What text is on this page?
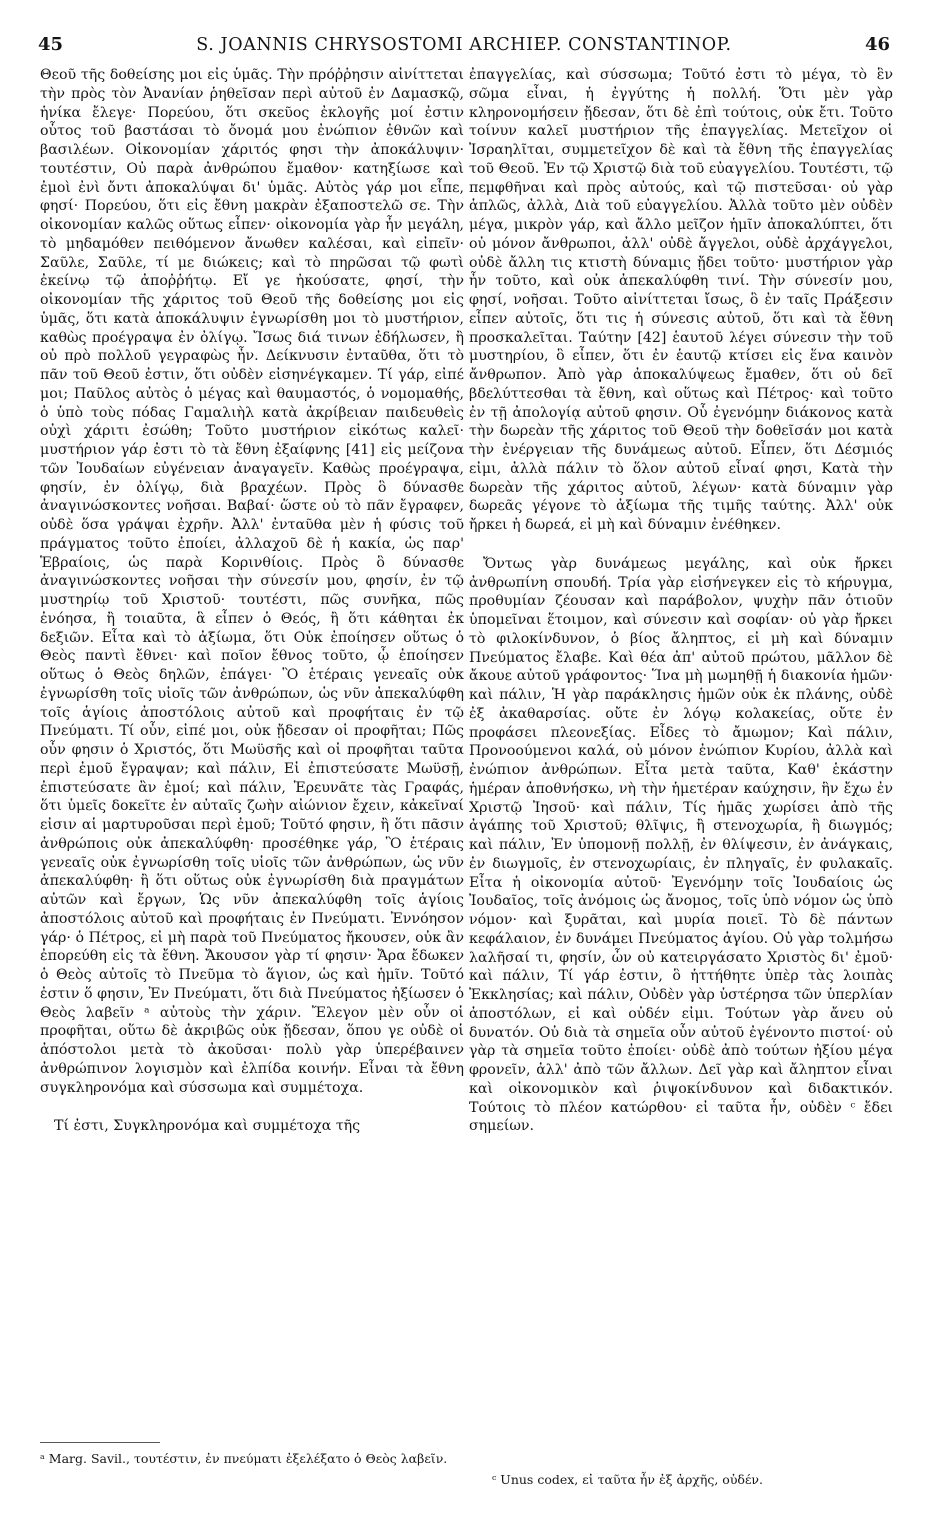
45	S. JOANNIS CHRYSOSTOMI ARCHIEP. CONSTANTINOP.	46

Θεοῦ τῆς δοθείσης μοι εἰς ὑμᾶς. Τὴν πρόῤῥησιν αἰνίττεται τὴν πρὸς τὸν Ἀνανίαν ῥηθεῖσαν περὶ αὐτοῦ ἐν Δαμασκῷ, ἡνίκα ἔλεγε· Πορεύου, ὅτι σκεῦος ἐκλογῆς μοί ἐστιν οὗτος τοῦ βαστάσαι τὸ ὄνομά μου ἐνώπιον ἐθνῶν καὶ βασιλέων. Οἰκονομίαν χάριτός φησι τὴν ἀποκάλυψιν· τουτέστιν, Οὐ παρὰ ἀνθρώπου ἔμαθον· κατηξίωσε καὶ ἐμοὶ ἐνὶ ὄντι ἀποκαλύψαι δι' ὑμᾶς. Αὐτὸς γάρ μοι εἶπε, φησί· Πορεύου, ὅτι εἰς ἔθνη μακρὰν ἐξαποστελῶ σε. Τὴν οἰκονομίαν καλῶς οὕτως εἶπεν· οἰκονομία γὰρ ἦν μεγάλη, τὸ μηδαμόθεν πειθόμενον ἄνωθεν καλέσαι, καὶ εἰπεῖν· Σαῦλε, Σαῦλε, τί με διώκεις; καὶ τὸ πηρῶσαι τῷ φωτὶ ἐκείνῳ τῷ ἀποῤῥήτῳ. Εἴ γε ἠκούσατε, φησί, τὴν οἰκονομίαν τῆς χάριτος τοῦ Θεοῦ τῆς δοθείσης μοι εἰς ὑμᾶς, ὅτι κατὰ ἀποκάλυψιν ἐγνωρίσθη μοι τὸ μυστήριον, καθὼς προέγραψα ἐν ὀλίγῳ. Ἴσως διά τινων ἐδήλωσεν, ἢ οὐ πρὸ πολλοῦ γεγραφὼς ἦν. Δείκνυσιν ἐνταῦθα, ὅτι τὸ πᾶν τοῦ Θεοῦ ἐστιν, ὅτι οὐδὲν εἰσηνέγκαμεν. Τί γάρ, εἰπέ μοι; Παῦλος αὐτὸς ὁ μέγας καὶ θαυμαστός, ὁ νομομαθής, ὁ ὑπὸ τοὺς πόδας Γαμαλιὴλ κατὰ ἀκρίβειαν παιδευθεὶς οὐχὶ χάριτι ἐσώθη; Τοῦτο μυστήριον εἰκότως καλεῖ· μυστήριον γάρ ἐστι τὸ τὰ ἔθνη ἐξαίφνης [41] εἰς μείζονα τῶν Ἰουδαίων εὐγένειαν ἀναγαγεῖν. Καθὼς προέγραψα, φησίν, ἐν ὀλίγῳ, διὰ βραχέων. Πρὸς ὃ δύνασθε ἀναγινώσκοντες νοῆσαι. Βαβαί· ὥστε οὐ τὸ πᾶν ἔγραφεν, οὐδὲ ὅσα γράψαι ἐχρῆν. Ἀλλ' ἐνταῦθα μὲν ἡ φύσις τοῦ πράγματος τοῦτο ἐποίει, ἀλλαχοῦ δὲ ἡ κακία, ὡς παρ' Ἑβραίοις, ὡς παρὰ Κορινθίοις. Πρὸς ὃ δύνασθε ἀναγινώσκοντες νοῆσαι τὴν σύνεσίν μου, φησίν, ἐν τῷ μυστηρίῳ τοῦ Χριστοῦ· τουτέστι, πῶς συνῆκα, πῶς ἐνόησα, ἢ τοιαῦτα, ἃ εἶπεν ὁ Θεός, ἢ ὅτι κάθηται ἐκ δεξιῶν. Εἶτα καὶ τὸ ἀξίωμα, ὅτι Οὐκ ἐποίησεν οὕτως ὁ Θεὸς παντὶ ἔθνει· καὶ ποῖον ἔθνος τοῦτο, ᾧ ἐποίησεν οὕτως ὁ Θεὸς δηλῶν, ἐπάγει· Ὃ ἑτέραις γενεαῖς οὐκ ἐγνωρίσθη τοῖς υἱοῖς τῶν ἀνθρώπων, ὡς νῦν ἀπεκαλύφθη τοῖς ἁγίοις ἀποστόλοις αὐτοῦ καὶ προφήταις ἐν τῷ Πνεύματι. Τί οὖν, εἰπέ μοι, οὐκ ᾔδεσαν οἱ προφῆται; Πῶς οὖν φησιν ὁ Χριστός, ὅτι Μωϋσῆς καὶ οἱ προφῆται ταῦτα περὶ ἐμοῦ ἔγραψαν; καὶ πάλιν, Εἰ ἐπιστεύσατε Μωϋσῇ, ἐπιστεύσατε ἂν ἐμοί; καὶ πάλιν, Ἐρευνᾶτε τὰς Γραφάς, ὅτι ὑμεῖς δοκεῖτε ἐν αὐταῖς ζωὴν αἰώνιον ἔχειν, κἀκεῖναί εἰσιν αἱ μαρτυροῦσαι περὶ ἐμοῦ; Τοῦτό φησιν, ἢ ὅτι πᾶσιν ἀνθρώποις οὐκ ἀπεκαλύφθη· προσέθηκε γάρ, Ὃ ἑτέραις γενεαῖς οὐκ ἐγνωρίσθη τοῖς υἱοῖς τῶν ἀνθρώπων, ὡς νῦν ἀπεκαλύφθη· ἢ ὅτι οὕτως οὐκ ἐγνωρίσθη διὰ πραγμάτων αὐτῶν καὶ ἔργων, Ὡς νῦν ἀπεκαλύφθη τοῖς ἁγίοις ἀποστόλοις αὐτοῦ καὶ προφήταις ἐν Πνεύματι. Ἐννόησον γάρ· ὁ Πέτρος, εἰ μὴ παρὰ τοῦ Πνεύματος ἤκουσεν, οὐκ ἂν ἐπορεύθη εἰς τὰ ἔθνη. Ἄκουσον γὰρ τί φησιν· Ἄρα ἔδωκεν ὁ Θεὸς αὐτοῖς τὸ Πνεῦμα τὸ ἅγιον, ὡς καὶ ἡμῖν. Τοῦτό ἐστιν ὅ φησιν, Ἐν Πνεύματι, ὅτι διὰ Πνεύματος ἠξίωσεν ὁ Θεὸς λαβεῖν ᵃ αὐτοὺς τὴν χάριν. Ἔλεγον μὲν οὖν οἱ προφῆται, οὕτω δὲ ἀκριβῶς οὐκ ᾔδεσαν, ὅπου γε οὐδὲ οἱ ἀπόστολοι μετὰ τὸ ἀκοῦσαι· πολὺ γὰρ ὑπερέβαινεν ἀνθρώπινον λογισμὸν καὶ ἐλπίδα κοινήν. Εἶναι τὰ ἔθνη συγκληρονόμα καὶ σύσσωμα καὶ συμμέτοχα.

Τί ἐστι, Συγκληρονόμα καὶ συμμέτοχα τῆς

ἐπαγγελίας, καὶ σύσσωμα; Τοῦτό ἐστι τὸ μέγα, τὸ ἓν σῶμα εἶναι, ἡ ἐγγύτης ἡ πολλή. Ὅτι μὲν γὰρ κληρονομήσειν ᾔδεσαν, ὅτι δὲ ἐπὶ τούτοις, οὐκ ἔτι. Τοῦτο τοίνυν καλεῖ μυστήριον τῆς ἐπαγγελίας. Μετεῖχον οἱ Ἰσραηλῖται, συμμετεῖχον δὲ καὶ τὰ ἔθνη τῆς ἐπαγγελίας τοῦ Θεοῦ. Ἐν τῷ Χριστῷ διὰ τοῦ εὐαγγελίου. Τουτέστι, τῷ πεμφθῆναι καὶ πρὸς αὐτούς, καὶ τῷ πιστεῦσαι· οὐ γὰρ ἁπλῶς, ἀλλὰ, Διὰ τοῦ εὐαγγελίου. Ἀλλὰ τοῦτο μὲν οὐδὲν μέγα, μικρὸν γάρ, καὶ ἄλλο μεῖζον ἡμῖν ἀποκαλύπτει, ὅτι οὐ μόνον ἄνθρωποι, ἀλλ' οὐδὲ ἄγγελοι, οὐδὲ ἀρχάγγελοι, οὐδὲ ἄλλη τις κτιστὴ δύναμις ᾔδει τοῦτο· μυστήριον γὰρ ἦν τοῦτο, καὶ οὐκ ἀπεκαλύφθη τινί. Τὴν σύνεσίν μου, φησί, νοῆσαι. Τοῦτο αἰνίττεται ἴσως, ὃ ἐν ταῖς Πράξεσιν εἶπεν αὐτοῖς, ὅτι τις ἡ σύνεσις αὐτοῦ, ὅτι καὶ τὰ ἔθνη προσκαλεῖται. Ταύτην [42] ἑαυτοῦ λέγει σύνεσιν τὴν τοῦ μυστηρίου, ὃ εἶπεν, ὅτι ἐν ἑαυτῷ κτίσει εἰς ἕνα καινὸν ἄνθρωπον. Ἀπὸ γὰρ ἀποκαλύψεως ἔμαθεν, ὅτι οὐ δεῖ βδελύττεσθαι τὰ ἔθνη, καὶ οὕτως καὶ Πέτρος· καὶ τοῦτο ἐν τῇ ἀπολογίᾳ αὐτοῦ φησιν. Οὗ ἐγενόμην διάκονος κατὰ τὴν δωρεὰν τῆς χάριτος τοῦ Θεοῦ τὴν δοθεῖσάν μοι κατὰ τὴν ἐνέργειαν τῆς δυνάμεως αὐτοῦ. Εἶπεν, ὅτι Δέσμιός εἰμι, ἀλλὰ πάλιν τὸ ὅλον αὐτοῦ εἶναί φησι, Κατὰ τὴν δωρεὰν τῆς χάριτος αὐτοῦ, λέγων· κατὰ δύναμιν γὰρ δωρεᾶς γέγονε τὸ ἀξίωμα τῆς τιμῆς ταύτης. Ἀλλ' οὐκ ἤρκει ἡ δωρεά, εἰ μὴ καὶ δύναμιν ἐνέθηκεν.

Ὄντως γὰρ δυνάμεως μεγάλης, καὶ οὐκ ἤρκει ἀνθρωπίνη σπουδή. Τρία γὰρ εἰσήνεγκεν εἰς τὸ κήρυγμα, προθυμίαν ζέουσαν καὶ παράβολον, ψυχὴν πᾶν ὁτιοῦν ὑπομεῖναι ἕτοιμον, καὶ σύνεσιν καὶ σοφίαν· οὐ γὰρ ἤρκει τὸ φιλοκίνδυνον, ὁ βίος ἄληπτος, εἰ μὴ καὶ δύναμιν Πνεύματος ἔλαβε. Καὶ θέα ἀπ' αὐτοῦ πρώτου, μᾶλλον δὲ ἄκουε αὐτοῦ γράφοντος· Ἵνα μὴ μωμηθῇ ἡ διακονία ἡμῶν· καὶ πάλιν, Ἡ γὰρ παράκλησις ἡμῶν οὐκ ἐκ πλάνης, οὐδὲ ἐξ ἀκαθαρσίας. οὔτε ἐν λόγῳ κολακείας, οὔτε ἐν προφάσει πλεονεξίας. Εἶδες τὸ ἄμωμον; Καὶ πάλιν, Προνοούμενοι καλά, οὐ μόνον ἐνώπιον Κυρίου, ἀλλὰ καὶ ἐνώπιον ἀνθρώπων. Εἶτα μετὰ ταῦτα, Καθ' ἑκάστην ἡμέραν ἀποθνήσκω, νὴ τὴν ἡμετέραν καύχησιν, ἣν ἔχω ἐν Χριστῷ Ἰησοῦ· καὶ πάλιν, Τίς ἡμᾶς χωρίσει ἀπὸ τῆς ἀγάπης τοῦ Χριστοῦ; θλῖψις, ἢ στενοχωρία, ἢ διωγμός; καὶ πάλιν, Ἐν ὑπομονῇ πολλῇ, ἐν θλίψεσιν, ἐν ἀνάγκαις, ἐν διωγμοῖς, ἐν στενοχωρίαις, ἐν πληγαῖς, ἐν φυλακαῖς. Εἶτα ἡ οἰκονομία αὐτοῦ· Ἐγενόμην τοῖς Ἰουδαίοις ὡς Ἰουδαῖος, τοῖς ἀνόμοις ὡς ἄνομος, τοῖς ὑπὸ νόμον ὡς ὑπὸ νόμον· καὶ ξυρᾶται, καὶ μυρία ποιεῖ. Τὸ δὲ πάντων κεφάλαιον, ἐν δυνάμει Πνεύματος ἁγίου. Οὐ γὰρ τολμήσω λαλῆσαί τι, φησίν, ὧν οὐ κατειργάσατο Χριστὸς δι' ἐμοῦ· καὶ πάλιν, Τί γάρ ἐστιν, ὃ ἡττήθητε ὑπὲρ τὰς λοιπὰς Ἐκκλησίας; καὶ πάλιν, Οὐδὲν γὰρ ὑστέρησα τῶν ὑπερλίαν ἀποστόλων, εἰ καὶ οὐδέν εἰμι. Τούτων γὰρ ἄνευ οὐ δυνατόν. Οὐ διὰ τὰ σημεῖα οὖν αὐτοῦ ἐγένοντο πιστοί· οὐ γὰρ τὰ σημεῖα τοῦτο ἐποίει· οὐδὲ ἀπὸ τούτων ἠξίου μέγα φρονεῖν, ἀλλ' ἀπὸ τῶν ἄλλων. Δεῖ γὰρ καὶ ἄληπτον εἶναι καὶ οἰκονομικὸν καὶ ῥιψοκίνδυνον καὶ διδακτικόν. Τούτοις τὸ πλέον κατώρθου· εἰ ταῦτα ἦν, οὐδὲν ᶜ ἔδει σημείων.

ᵃ Marg. Savil., τουτέστιν, ἐν πνεύματι ἐξελέξατο ὁ Θεὸς λαβεῖν.
ᶜ Unus codex, εἰ ταῦτα ἦν ἐξ ἀρχῆς, οὐδέν.
